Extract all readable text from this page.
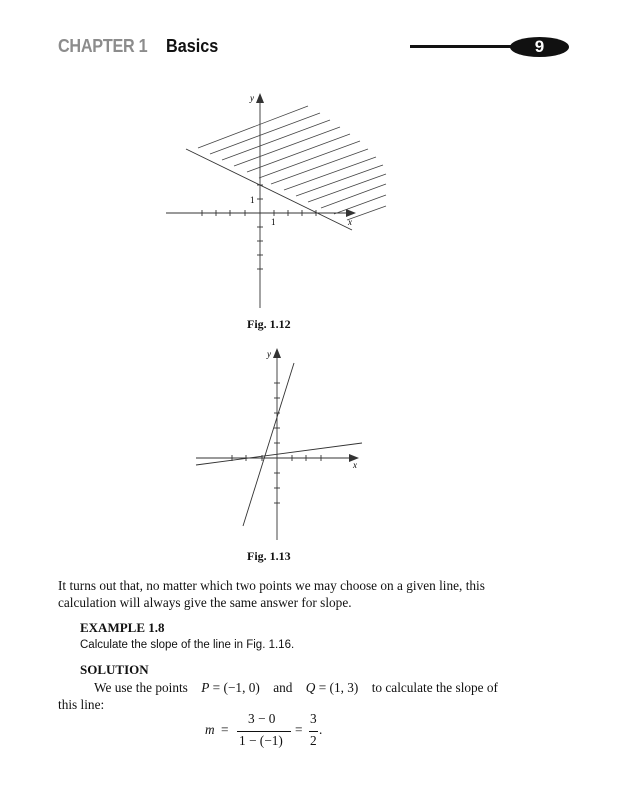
CHAPTER 1 Basics	9
y
x
1
1
Fig. 1.12
y
x
Fig. 1.13
It turns out that, no matter which two points we may choose on a given line, this calculation will always give the same answer for slope.
EXAMPLE 1.8
Calculate the slope of the line in Fig. 1.16.
SOLUTION
We use the points P = (−1, 0) and Q = (1, 3) to calculate the slope of
this line:
m =
3 − 0
1 − (−1)
=
3
2
.
